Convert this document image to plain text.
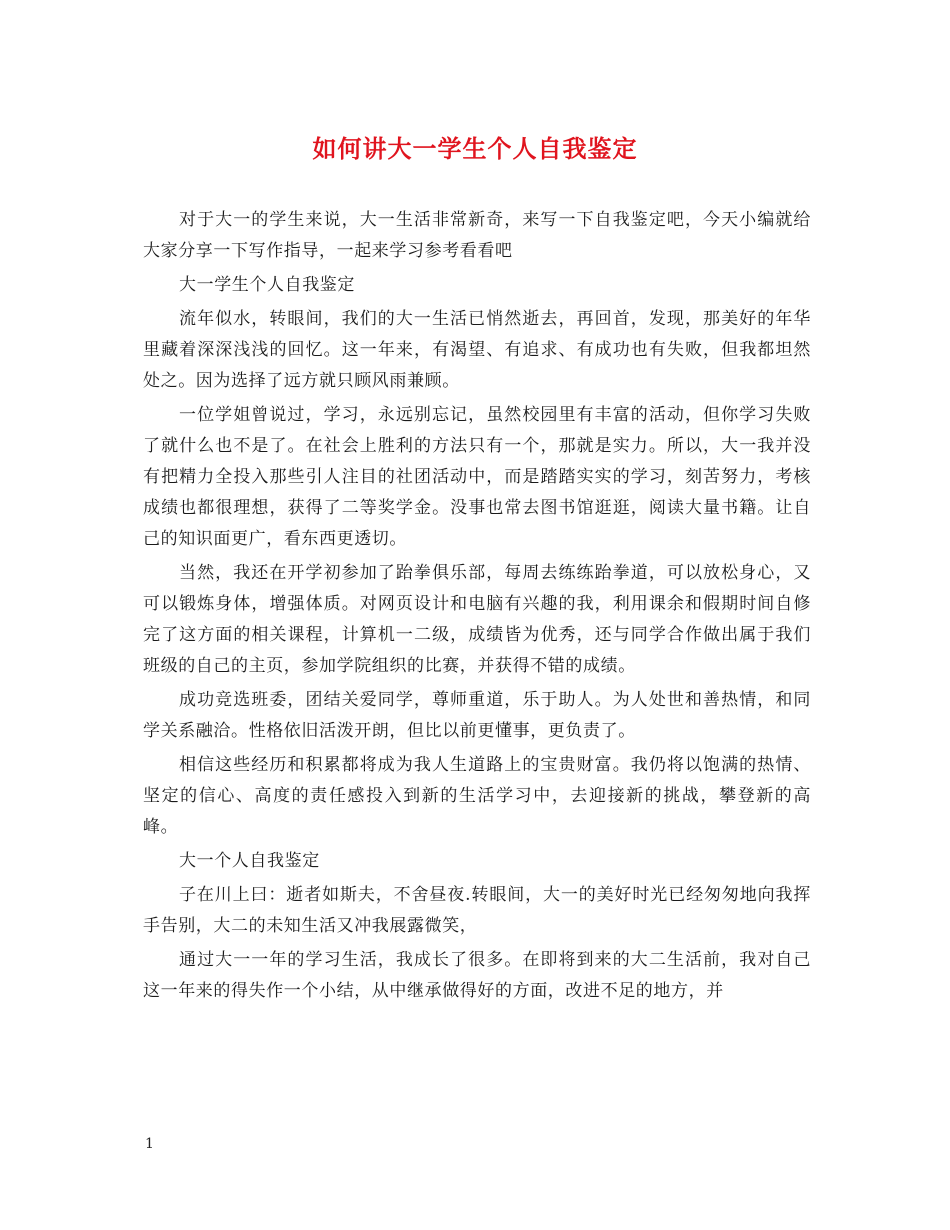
如何讲大一学生个人自我鉴定

对于大一的学生来说，大一生活非常新奇，来写一下自我鉴定吧，今天小编就给大家分享一下写作指导，一起来学习参考看看吧

大一学生个人自我鉴定

流年似水，转眼间，我们的大一生活已悄然逝去，再回首，发现，那美好的年华里藏着深深浅浅的回忆。这一年来，有渴望、有追求、有成功也有失败，但我都坦然处之。因为选择了远方就只顾风雨兼顾。

一位学姐曾说过，学习，永远别忘记，虽然校园里有丰富的活动，但你学习失败了就什么也不是了。在社会上胜利的方法只有一个，那就是实力。所以，大一我并没有把精力全投入那些引人注目的社团活动中，而是踏踏实实的学习，刻苦努力，考核成绩也都很理想，获得了二等奖学金。没事也常去图书馆逛逛，阅读大量书籍。让自己的知识面更广，看东西更透切。

当然，我还在开学初参加了跆拳俱乐部，每周去练练跆拳道，可以放松身心，又可以锻炼身体，增强体质。对网页设计和电脑有兴趣的我，利用课余和假期时间自修完了这方面的相关课程，计算机一二级，成绩皆为优秀，还与同学合作做出属于我们班级的自己的主页，参加学院组织的比赛，并获得不错的成绩。

成功竞选班委，团结关爱同学，尊师重道，乐于助人。为人处世和善热情，和同学关系融洽。性格依旧活泼开朗，但比以前更懂事，更负责了。

相信这些经历和积累都将成为我人生道路上的宝贵财富。我仍将以饱满的热情、坚定的信心、高度的责任感投入到新的生活学习中，去迎接新的挑战，攀登新的高峰。

大一个人自我鉴定

子在川上曰：逝者如斯夫，不舍昼夜.转眼间，大一的美好时光已经匆匆地向我挥手告别，大二的未知生活又冲我展露微笑，

通过大一一年的学习生活，我成长了很多。在即将到来的大二生活前，我对自己这一年来的得失作一个小结，从中继承做得好的方面，改进不足的地方，并

1
